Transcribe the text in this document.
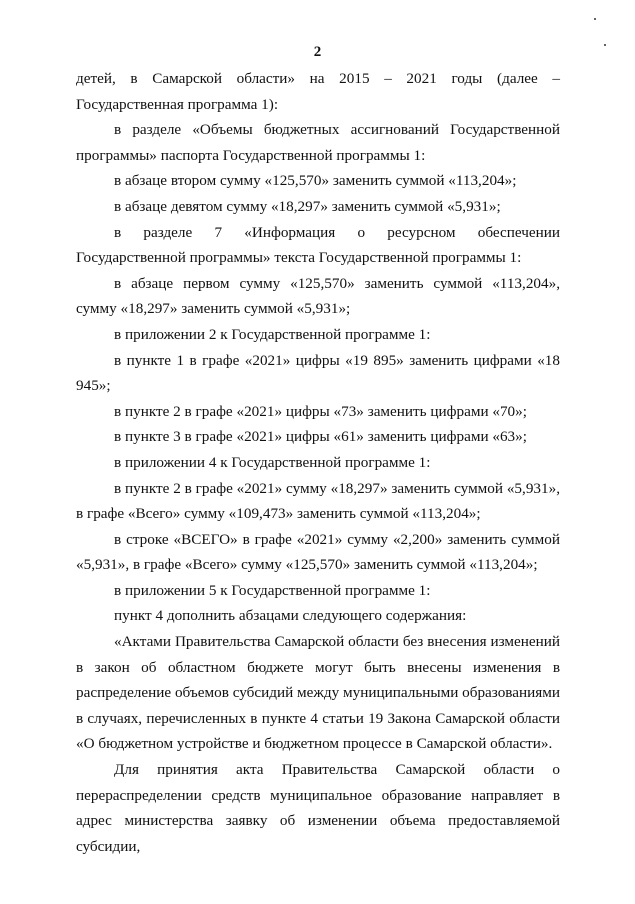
2

детей, в Самарской области» на 2015 – 2021 годы (далее – Государственная программа 1):

в разделе «Объемы бюджетных ассигнований Государственной программы» паспорта Государственной программы 1:

в абзаце втором сумму «125,570» заменить суммой «113,204»;

в абзаце девятом сумму «18,297» заменить суммой «5,931»;

в разделе 7 «Информация о ресурсном обеспечении Государственной программы» текста Государственной программы 1:

в абзаце первом сумму «125,570» заменить суммой «113,204», сумму «18,297» заменить суммой «5,931»;

в приложении 2 к Государственной программе 1:

в пункте 1 в графе «2021» цифры «19 895» заменить цифрами «18 945»;

в пункте 2 в графе «2021» цифры «73» заменить цифрами «70»;

в пункте 3 в графе «2021» цифры «61» заменить цифрами «63»;

в приложении 4 к Государственной программе 1:

в пункте 2 в графе «2021» сумму «18,297» заменить суммой «5,931», в графе «Всего» сумму «109,473» заменить суммой «113,204»;

в строке «ВСЕГО» в графе «2021» сумму «2,200» заменить суммой «5,931», в графе «Всего» сумму «125,570» заменить суммой «113,204»;

в приложении 5 к Государственной программе 1:

пункт 4 дополнить абзацами следующего содержания:

«Актами Правительства Самарской области без внесения изменений в закон об областном бюджете могут быть внесены изменения в распределение объемов субсидий между муниципальными образованиями в случаях, перечисленных в пункте 4 статьи 19 Закона Самарской области «О бюджетном устройстве и бюджетном процессе в Самарской области».

Для принятия акта Правительства Самарской области о перераспределении средств муниципальное образование направляет в адрес министерства заявку об изменении объема предоставляемой субсидии,
